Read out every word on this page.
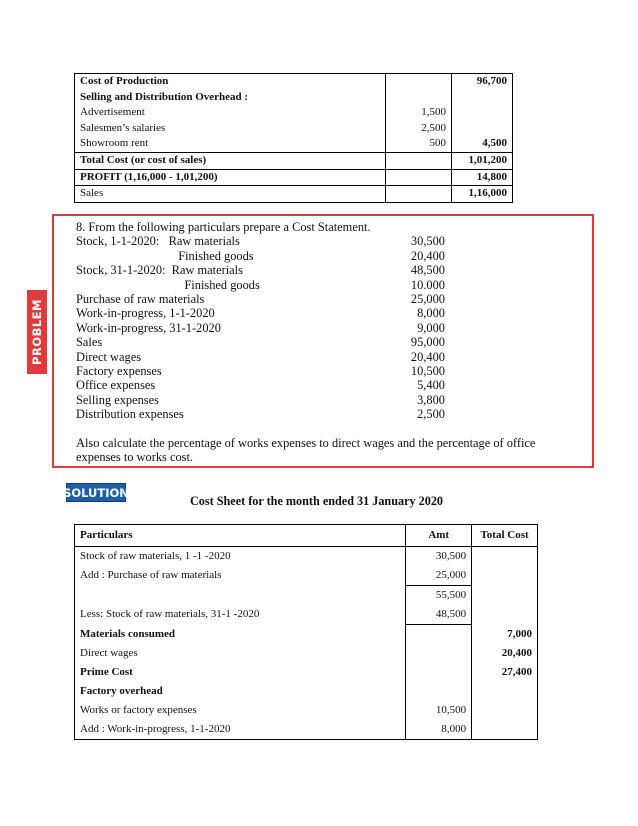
Cost of Production		96,700
Selling and Distribution Overhead :		
Advertisement	1,500	
Salesmen’s salaries	2,500	
Showroom rent	500	4,500
Total Cost (or cost of sales)		1,01,200
PROFIT (1,16,000 - 1,01,200)		14,800
Sales		1,16,000
PROBLEM
8. From the following particulars prepare a Cost Statement.
Stock, 1-1-2020:   Raw materials	30,500
Finished goods	20,400
Stock, 31-1-2020:  Raw materials	48,500
Finished goods	10.000
Purchase of raw materials	25,000
Work-in-progress, 1-1-2020	8,000
Work-in-progress, 31-1-2020	9,000
Sales	95,000
Direct wages	20,400
Factory expenses	10,500
Office expenses	5,400
Selling expenses	3,800
Distribution expenses	2,500
Also calculate the percentage of works expenses to direct wages and the percentage of office
expenses to works cost.
SOLUTION
Cost Sheet for the month ended 31 January 2020
Particulars	Amt	Total Cost
Stock of raw materials, 1 -1 -2020	30,500	
Add : Purchase of raw materials	25,000	
	55,500	
Less: Stock of raw materials, 31-1 -2020	48,500	
Materials consumed		7,000
Direct wages		20,400
Prime Cost		27,400
Factory overhead		
Works or factory expenses	10,500	
Add : Work-in-progress, 1-1-2020	8,000	
